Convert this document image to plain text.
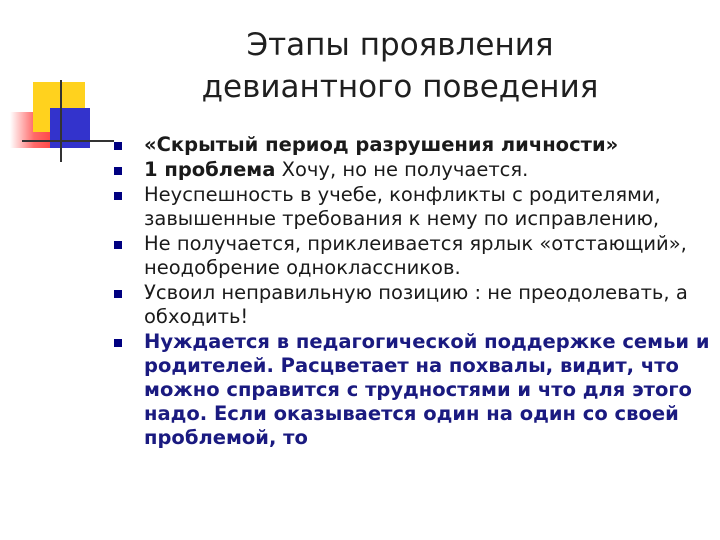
Этапы проявления
девиантного поведения
«Скрытый период разрушения личности»
1 проблема Хочу, но не получается.
Неуспешность в учебе, конфликты с родителями, завышенные требования к нему по исправлению,
Не получается, приклеивается ярлык «отстающий», неодобрение одноклассников.
Усвоил неправильную позицию : не преодолевать, а обходить!
Нуждается в педагогической поддержке семьи и родителей. Расцветает на похвалы, видит, что можно справится с трудностями и что для этого надо. Если оказывается один на один со своей проблемой, то
